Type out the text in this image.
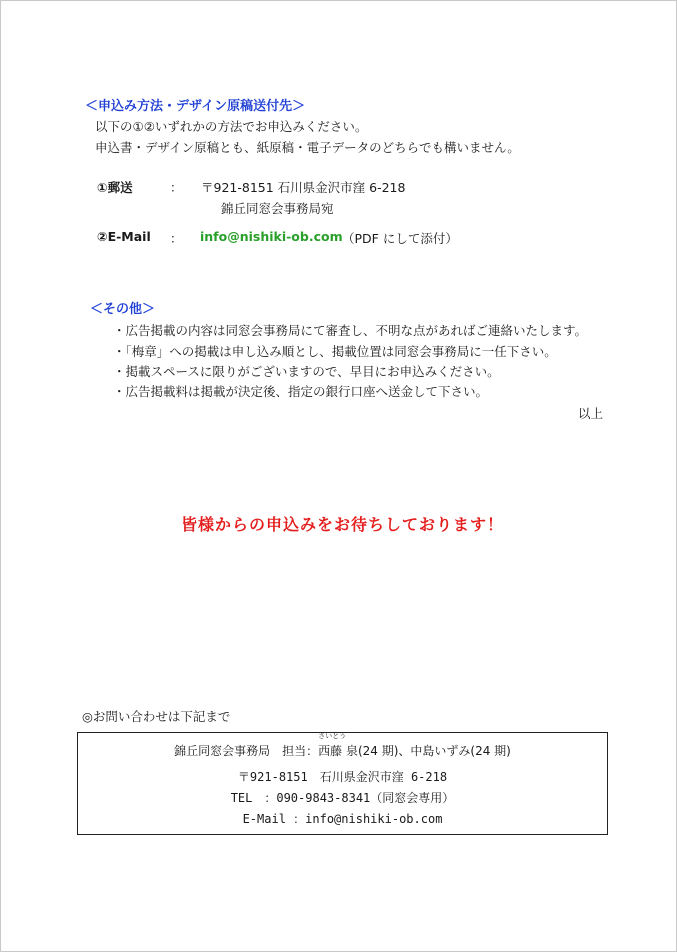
＜申込み方法・デザイン原稿送付先＞
以下の①②いずれかの方法でお申込みください。
申込書・デザイン原稿とも、紙原稿・電子データのどちらでも構いません。
①郵送	： 〒921-8151 石川県金沢市窪 6-218
錦丘同窓会事務局宛
②E-Mail ： info@nishiki-ob.com （PDF にして添付）
＜その他＞
・広告掲載の内容は同窓会事務局にて審査し、不明な点があればご連絡いたします。
・「梅章」への掲載は申し込み順とし、掲載位置は同窓会事務局に一任下さい。
・掲載スペースに限りがございますので、早目にお申込みください。
・広告掲載料は掲載が決定後、指定の銀行口座へ送金して下さい。
以上
皆様からの申込みをお待ちしております！
◎お問い合わせは下記まで
錦丘同窓会事務局　担当：
さいとう
西藤 泉(24 期)、中島いずみ(24 期)
〒921-8151　石川県金沢市窪 6-218
TEL　：090-9843-8341（同窓会専用）
E-Mail ：info@nishiki-ob.com
